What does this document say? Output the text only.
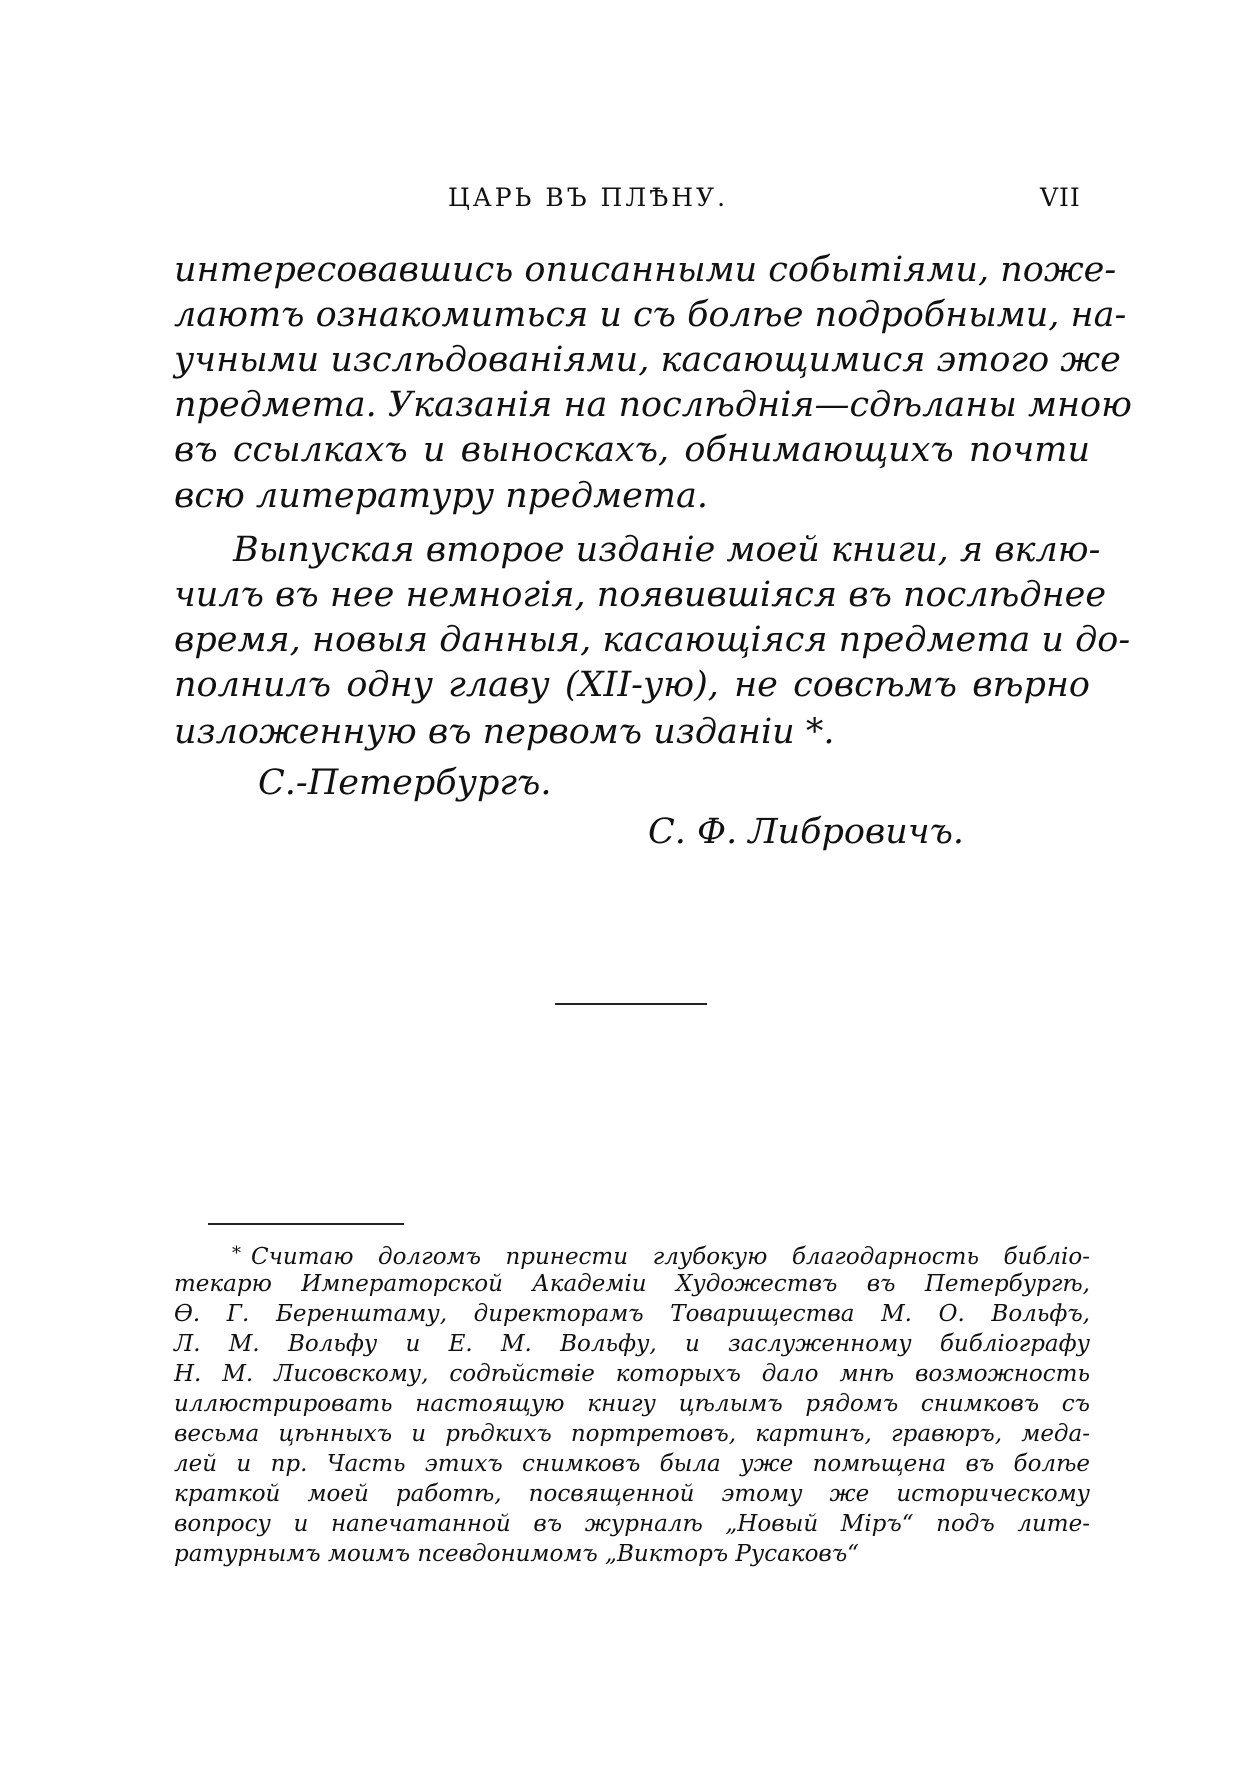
ЦАРЬ ВЪ ПЛѢНУ.	VII
интересовавшись описанными событіями, поже-
лаютъ ознакомиться и съ болѣе подробными, на-
учными изслѣдованіями, касающимися этого же
предмета. Указанія на послѣднія—сдѣланы мною
въ ссылкахъ и выноскахъ, обнимающихъ почти
всю литературу предмета.
Выпуская второе изданіе моей книги, я вклю-
чилъ въ нее немногія, появившіяся въ послѣднее
время, новыя данныя, касающіяся предмета и до-
полнилъ одну главу (XII-ую), не совсѣмъ вѣрно
изложенную въ первомъ изданіи *.
С.-Петербургъ.
С. Ф. Либровичъ.
* Считаю долгомъ принести глубокую благодарность библіо-
текарю Императорской Академіи Художествъ въ Петербургѣ,
Ѳ. Г. Беренштаму, директорамъ Товарищества М. О. Вольфъ,
Л. М. Вольфу и Е. М. Вольфу, и заслуженному библіографу
Н. М. Лисовскому, содѣйствіе которыхъ дало мнѣ возможность
иллюстрировать настоящую книгу цѣлымъ рядомъ снимковъ съ
весьма цѣнныхъ и рѣдкихъ портретовъ, картинъ, гравюръ, меда-
лей и пр. Часть этихъ снимковъ была уже помѣщена въ болѣе
краткой моей работѣ, посвященной этому же историческому
вопросу и напечатанной въ журналѣ „Новый Міръ“ подъ лите-
ратурнымъ моимъ псевдонимомъ „Викторъ Русаковъ“
